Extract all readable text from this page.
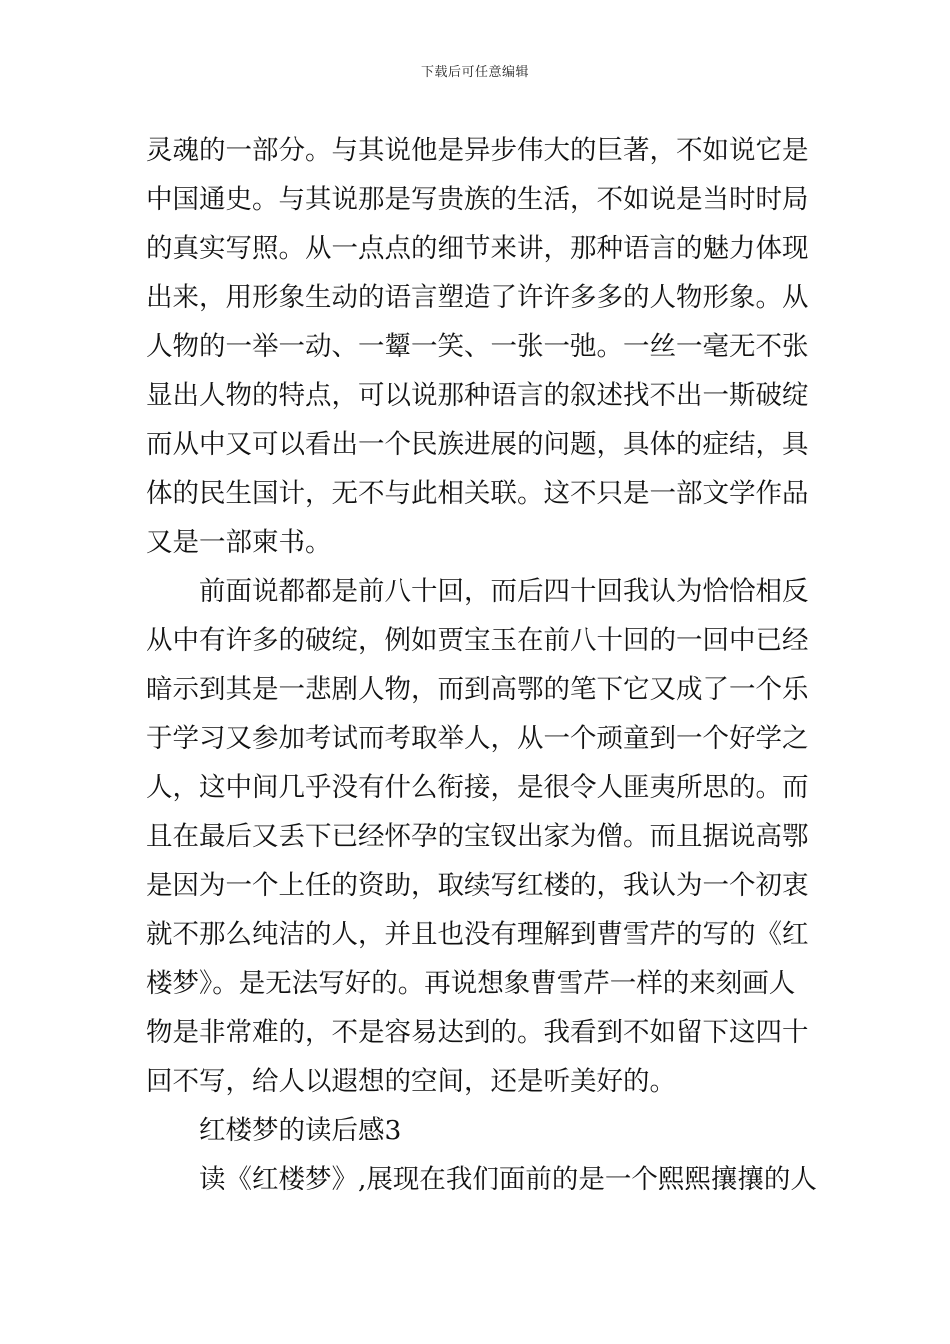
下载后可任意编辑
灵魂的一部分。与其说他是异步伟大的巨著，不如说它是
中国通史。与其说那是写贵族的生活，不如说是当时时局
的真实写照。从一点点的细节来讲，那种语言的魅力体现
出来，用形象生动的语言塑造了许许多多的人物形象。从
人物的一举一动、一颦一笑、一张一弛。一丝一毫无不张
显出人物的特点，可以说那种语言的叙述找不出一斯破绽
而从中又可以看出一个民族进展的问题，具体的症结，具
体的民生国计，无不与此相关联。这不只是一部文学作品
又是一部柬书。
前面说都都是前八十回，而后四十回我认为恰恰相反
从中有许多的破绽，例如贾宝玉在前八十回的一回中已经
暗示到其是一悲剧人物，而到高鄂的笔下它又成了一个乐
于学习又参加考试而考取举人，从一个顽童到一个好学之
人，这中间几乎没有什么衔接，是很令人匪夷所思的。而
且在最后又丢下已经怀孕的宝钗出家为僧。而且据说高鄂
是因为一个上任的资助，取续写红楼的，我认为一个初衷
就不那么纯洁的人，并且也没有理解到曹雪芹的写的《红
楼梦》。是无法写好的。再说想象曹雪芹一样的来刻画人
物是非常难的，不是容易达到的。我看到不如留下这四十
回不写，给人以遐想的空间，还是听美好的。
红楼梦的读后感3
读《红楼梦》,展现在我们面前的是一个熙熙攘攘的人
